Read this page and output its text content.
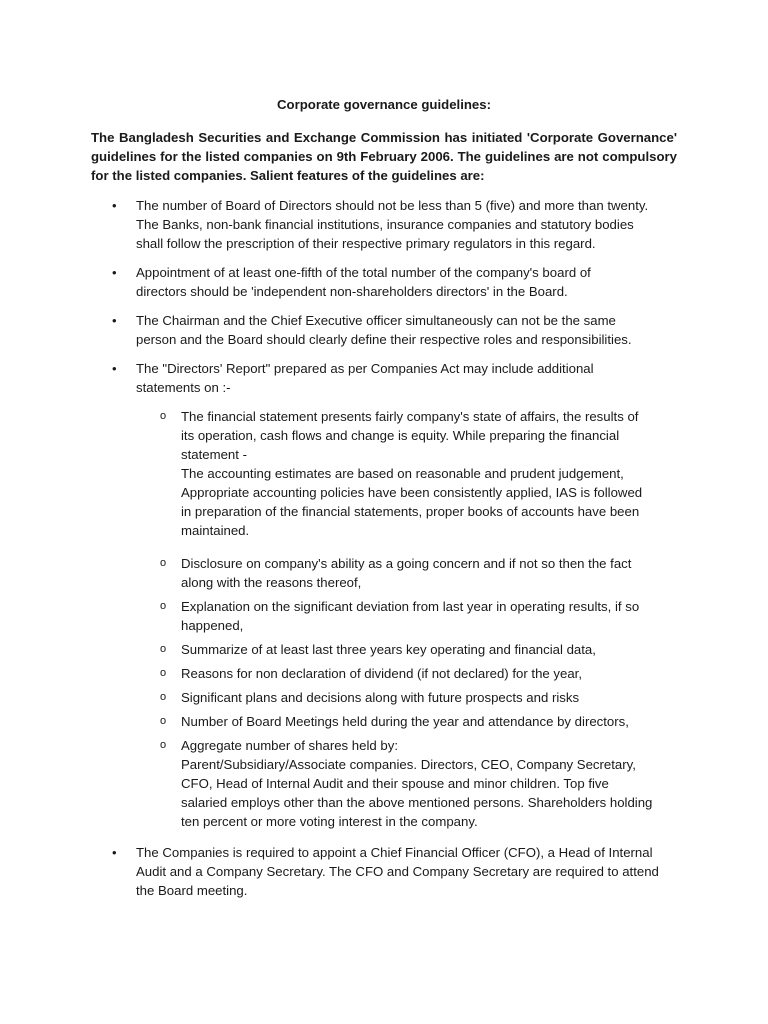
Corporate governance guidelines:
The Bangladesh Securities and Exchange Commission has initiated 'Corporate Governance' guidelines for the listed companies on 9th February 2006. The guidelines are not compulsory for the listed companies. Salient features of the guidelines are:
• The number of Board of Directors should not be less than 5 (five) and more than twenty.
The Banks, non-bank financial institutions, insurance companies and statutory bodies
shall follow the prescription of their respective primary regulators in this regard.
• Appointment of at least one-fifth of the total number of the company's board of
directors should be 'independent non-shareholders directors' in the Board.
• The Chairman and the Chief Executive officer simultaneously can not be the same
person and the Board should clearly define their respective roles and responsibilities.
• The "Directors' Report" prepared as per Companies Act may include additional
statements on :-
o The financial statement presents fairly company's state of affairs, the results of
its operation, cash flows and change is equity. While preparing the financial
statement -
The accounting estimates are based on reasonable and prudent judgement,
Appropriate accounting policies have been consistently applied, IAS is followed
in preparation of the financial statements, proper books of accounts have been
maintained.
o Disclosure on company's ability as a going concern and if not so then the fact
along with the reasons thereof,
o Explanation on the significant deviation from last year in operating results, if so
happened,
o Summarize of at least last three years key operating and financial data,
o Reasons for non declaration of dividend (if not declared) for the year,
o Significant plans and decisions along with future prospects and risks
o Number of Board Meetings held during the year and attendance by directors,
o Aggregate number of shares held by:
Parent/Subsidiary/Associate companies. Directors, CEO, Company Secretary,
CFO, Head of Internal Audit and their spouse and minor children. Top five
salaried employs other than the above mentioned persons. Shareholders holding
ten percent or more voting interest in the company.
• The Companies is required to appoint a Chief Financial Officer (CFO), a Head of Internal
Audit and a Company Secretary. The CFO and Company Secretary are required to attend
the Board meeting.
